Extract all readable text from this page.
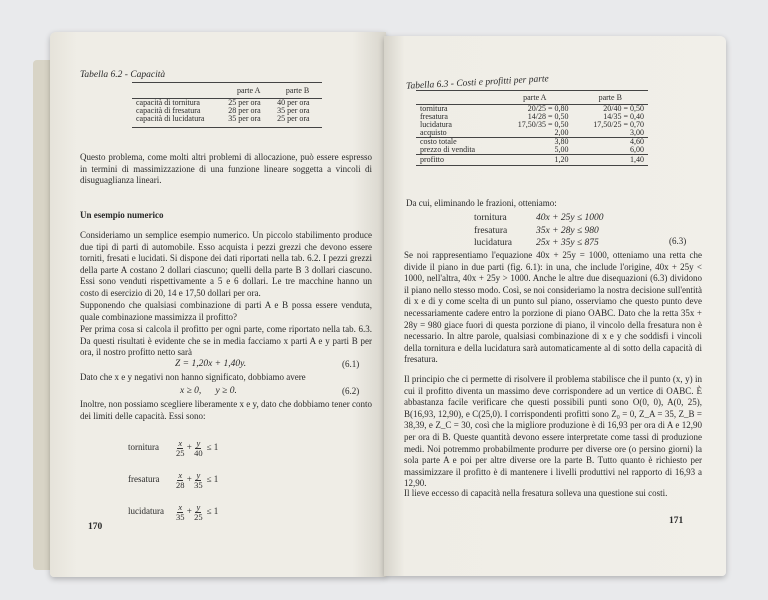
Tabella 6.2 - Capacità
	parte A	parte B
capacità di tornitura	25 per ora	40 per ora
capacità di fresatura	28 per ora	35 per ora
capacità di lucidatura	35 per ora	25 per ora
Questo problema, come molti altri problemi di allocazione, può essere espresso in termini di massimizzazione di una funzione lineare soggetta a vincoli di disuguaglianza lineari.
Un esempio numerico
Consideriamo un semplice esempio numerico. Un piccolo stabilimento produce due tipi di parti di automobile. Esso acquista i pezzi grezzi che devono essere torniti, fresati e lucidati. Si dispone dei dati riportati nella tab. 6.2. I pezzi grezzi della parte A costano 2 dollari ciascuno; quelli della parte B 3 dollari ciascuno. Essi sono venduti rispettivamente a 5 e 6 dollari. Le tre macchine hanno un costo di esercizio di 20, 14 e 17,50 dollari per ora.
Supponendo che qualsiasi combinazione di parti A e B possa essere venduta, quale combinazione massimizza il profitto?
Per prima cosa si calcola il profitto per ogni parte, come riportato nella tab. 6.3. Da questi risultati è evidente che se in media facciamo x parti A e y parti B per ora, il nostro profitto netto sarà
Z = 1,20x + 1,40y.	(6.1)
Dato che x e y negativi non hanno significato, dobbiamo avere
x ≥ 0,      y ≥ 0.	(6.2)
Inoltre, non possiamo scegliere liberamente x e y, dato che dobbiamo tener conto dei limiti delle capacità. Essi sono:
tornitura	$\frac{x}{25} + \frac{y}{40} \le 1$
fresatura	$\frac{x}{28} + \frac{y}{35} \le 1$
lucidatura	$\frac{x}{35} + \frac{y}{25} \le 1$
170
Tabella 6.3 - Costi e profitti per parte
	parte A	parte B
tornitura	20/25 = 0,80	20/40 = 0,50
fresatura	14/28 = 0,50	14/35 = 0,40
lucidatura	17,50/35 = 0,50	17,50/25 = 0,70
acquisto	2,00	3,00
costo totale	3,80	4,60
prezzo di vendita	5,00	6,00
profitto	1,20	1,40
Da cui, eliminando le frazioni, otteniamo:
tornitura	40x + 25y ≤ 1000
fresatura	35x + 28y ≤ 980
lucidatura	25x + 35y ≤ 875	(6.3)
Se noi rappresentiamo l'equazione 40x + 25y = 1000, otteniamo una retta che divide il piano in due parti (fig. 6.1): in una, che include l'origine, 40x + 25y < 1000, nell'altra, 40x + 25y > 1000. Anche le altre due disequazioni (6.3) dividono il piano nello stesso modo. Così, se noi consideriamo la nostra decisione sull'entità di x e di y come scelta di un punto sul piano, osserviamo che questo punto deve necessariamente cadere entro la porzione di piano OABC. Dato che la retta 35x + 28y = 980 giace fuori di questa porzione di piano, il vincolo della fresatura non è necessario. In altre parole, qualsiasi combinazione di x e y che soddisfi i vincoli della tornitura e della lucidatura sarà automaticamente al di sotto della capacità di fresatura.
Il principio che ci permette di risolvere il problema stabilisce che il punto (x, y) in cui il profitto diventa un massimo deve corrispondere ad un vertice di OABC. È abbastanza facile verificare che questi possibili punti sono O(0, 0), A(0, 25), B(16,93, 12,90), e C(25,0). I corrispondenti profitti sono Z₀ = 0, Z_A = 35, Z_B = 38,39, e Z_C = 30, così che la migliore produzione è di 16,93 per ora di A e 12,90 per ora di B. Queste quantità devono essere interpretate come tassi di produzione medi. Noi potremmo probabilmente produrre per diverse ore (o persino giorni) la sola parte A e poi per altre diverse ore la parte B. Tutto quanto è richiesto per massimizzare il profitto è di mantenere i livelli produttivi nel rapporto di 16,93 a 12,90.
Il lieve eccesso di capacità nella fresatura solleva una questione sui costi.
171
